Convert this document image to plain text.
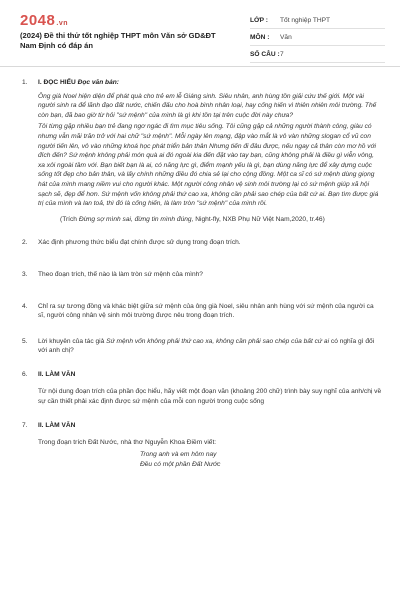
2048.vn
(2024) Đề thi thử tốt nghiệp THPT môn Văn sở GD&ĐT Nam Định có đáp án
LỚP :	Tốt nghiệp THPT
MÔN :	Văn
SỐ CÂU : 7
1.	I. ĐỌC HIỂU Đọc văn bản:
Ông già Noel hiện diện để phát quà cho trẻ em lễ Giáng sinh. Siêu nhân, anh hùng tồn giải cứu thế giới. Một vài người sinh ra để lãnh đạo đất nước, chiến đấu cho hoà bình nhân loại, hay cống hiến vì thiên nhiên môi trường. Thế còn bạn, đã bao giờ từ hỏi "sứ mệnh" của mình là gì khi tồn tại trên cuộc đời này chưa?
Tôi từng gặp nhiều bạn trẻ đang ngơ ngác đi tìm mục tiêu sống. Tôi cũng gặp cả những người thành công, giàu có nhưng vẫn mãi trăn trở với hai chữ "sứ mệnh". Mỗi ngày lên mạng, đập vào mắt là vô vàn những slogan cổ vũ con người tiến lên, vô vào những khoá học phát triển bản thân Nhưng tiến đi đâu được, nếu ngay cả thân còn mơ hồ với đích đến? Sứ mệnh không phải món quà ai đó ngoài kia đến đặt vào tay bạn, cũng không phải là điều gì viễn vông, xa xôi ngoài tầm với. Bạn biết bạn là ai, có năng lực gì, điểm mạnh yếu là gì, bạn dùng năng lực để xây dựng cuộc sống tốt đẹp cho bản thân, và lấy chính những điều đó chia sẻ lại cho cộng đồng. Một ca sĩ có sứ mệnh dùng giọng hát của mình mang niềm vui cho người khác. Một người công nhân vệ sinh môi trường lại có sứ mệnh giúp xã hội
sạch sẽ, đẹp để hơn. Sứ mệnh vốn không phải thứ cao xa, không cần phải sao chép của bất cứ ai. Bạn tìm được giá trị của mình và lan toả, thì đó là cống hiến, là làm tròn "sứ mệnh" của mình rồi.
(Trích Đừng sợ mình sai, đừng tin mình đúng, Night-fly, NXB Phụ Nữ Việt Nam,2020, tr.46)
2.	Xác định phương thức biểu đạt chính được sử dụng trong đoạn trích.
3.	Theo đoạn trích, thế nào là làm tròn sứ mệnh của mình?
4.	Chỉ ra sự tương đồng và khác biệt giữa sứ mệnh của ông già Noel, siêu nhân anh hùng với sứ mệnh của người ca sĩ, người công nhân vệ sinh môi trường được nêu trong đoạn trích.
5.	Lời khuyên của tác giả Sứ mệnh vốn không phải thứ cao xa, không cần phải sao chép của bất cứ ai có nghĩa gì đối với anh chị?
6.	II. LÀM VĂN
Từ nội dung đoạn trích của phần đọc hiểu, hãy viết một đoạn văn (khoảng 200 chữ) trình bày suy nghĩ của anh/chị về sự cần thiết phải xác định được sứ mệnh của mỗi con người trong cuộc sống
7.	II. LÀM VĂN
Trong đoạn trích Đất Nước, nhà thơ Nguyễn Khoa Điềm viết:
Trong anh và em hôm nay
Đều có một phần Đất Nước
